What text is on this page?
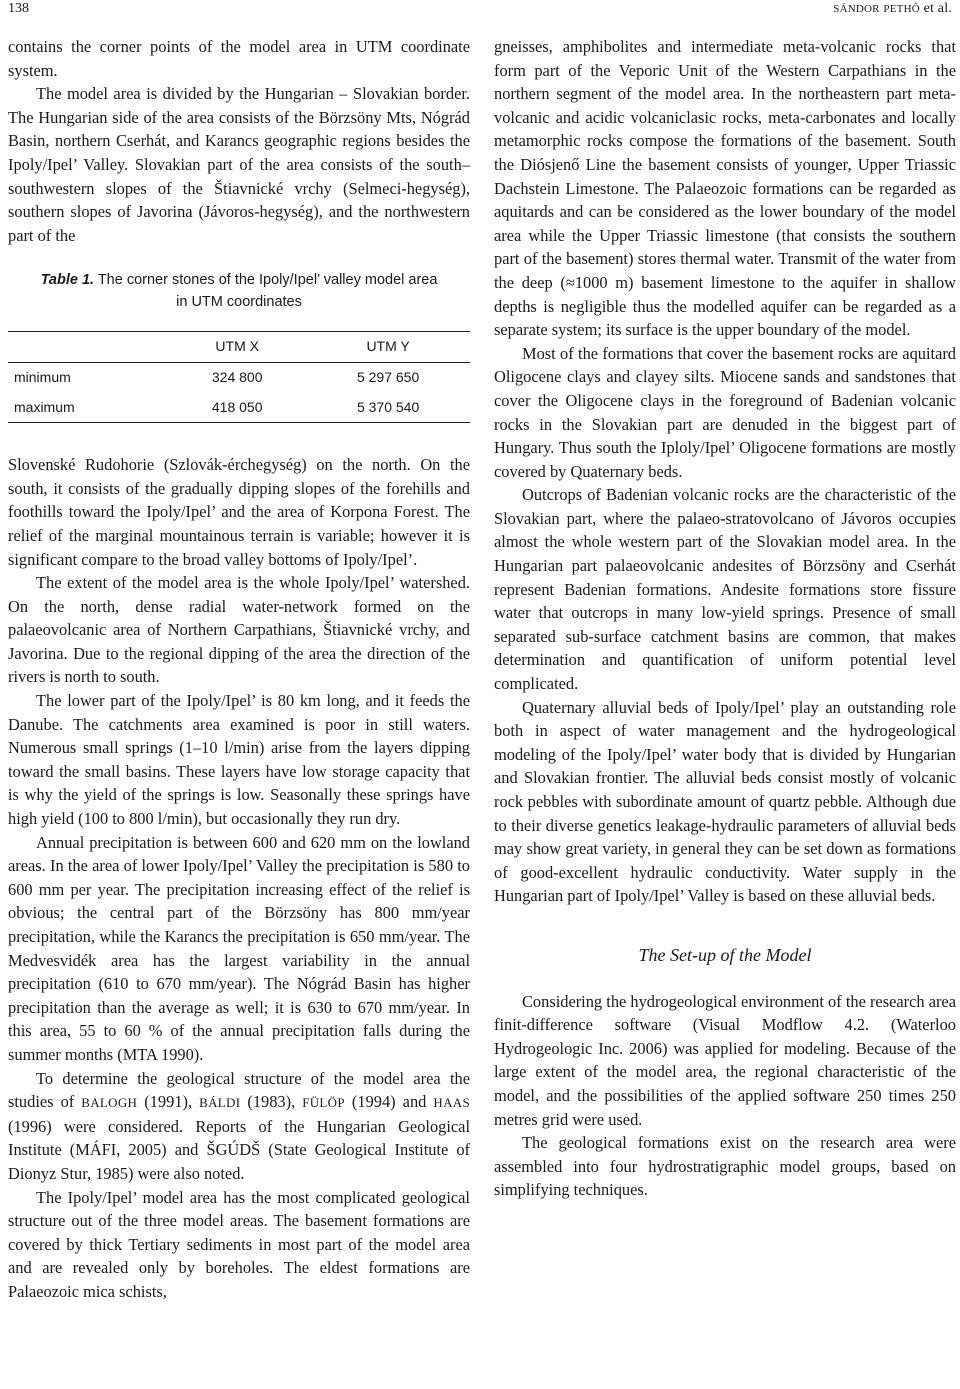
138	SÁNDOR PETHŐ et al.

contains the corner points of the model area in UTM coordinate system.

The model area is divided by the Hungarian – Slovakian border. The Hungarian side of the area consists of the Börzsöny Mts, Nógrád Basin, northern Cserhát, and Karancs geographic regions besides the Ipoly/Ipel’ Valley. Slovakian part of the area consists of the south–southwestern slopes of the Štiavnické vrchy (Selmeci-hegység), southern slopes of Javorina (Jávoros-hegység), and the northwestern part of the

Table 1. The corner stones of the Ipoly/Ipel’ valley model area in UTM coordinates
	UTM X	UTM Y
minimum	324 800	5 297 650
maximum	418 050	5 370 540

Slovenské Rudohorie (Szlovák-érchegység) on the north. On the south, it consists of the gradually dipping slopes of the forehills and foothills toward the Ipoly/Ipel’ and the area of Korpona Forest. The relief of the marginal mountainous terrain is variable; however it is significant compare to the broad valley bottoms of Ipoly/Ipel’.

The extent of the model area is the whole Ipoly/Ipel’ watershed. On the north, dense radial water-network formed on the palaeovolcanic area of Northern Carpathians, Štiavnické vrchy, and Javorina. Due to the regional dipping of the area the direction of the rivers is north to south.

The lower part of the Ipoly/Ipel’ is 80 km long, and it feeds the Danube. The catchments area examined is poor in still waters. Numerous small springs (1–10 l/min) arise from the layers dipping toward the small basins. These layers have low storage capacity that is why the yield of the springs is low. Seasonally these springs have high yield (100 to 800 l/min), but occasionally they run dry.

Annual precipitation is between 600 and 620 mm on the lowland areas. In the area of lower Ipoly/Ipel’ Valley the precipitation is 580 to 600 mm per year. The precipitation increasing effect of the relief is obvious; the central part of the Börzsöny has 800 mm/year precipitation, while the Karancs the precipitation is 650 mm/year. The Medvesvidék area has the largest variability in the annual precipitation (610 to 670 mm/year). The Nógrád Basin has higher precipitation than the average as well; it is 630 to 670 mm/year. In this area, 55 to 60 % of the annual precipitation falls during the summer months (MTA 1990).

To determine the geological structure of the model area the studies of BALOGH (1991), BÁLDI (1983), FÜLÖP (1994) and HAAS (1996) were considered. Reports of the Hungarian Geological Institute (MÁFI, 2005) and ŠGÚDŠ (State Geological Institute of Dionyz Stur, 1985) were also noted.

The Ipoly/Ipel’ model area has the most complicated geological structure out of the three model areas. The basement formations are covered by thick Tertiary sediments in most part of the model area and are revealed only by boreholes. The eldest formations are Palaeozoic mica schists,

gneisses, amphibolites and intermediate meta-volcanic rocks that form part of the Veporic Unit of the Western Carpathians in the northern segment of the model area. In the northeastern part meta-volcanic and acidic volcaniclasic rocks, meta-carbonates and locally metamorphic rocks compose the formations of the basement. South the Diósjenő Line the basement consists of younger, Upper Triassic Dachstein Limestone. The Palaeozoic formations can be regarded as aquitards and can be considered as the lower boundary of the model area while the Upper Triassic limestone (that consists the southern part of the basement) stores thermal water. Transmit of the water from the deep (≈1000 m) basement limestone to the aquifer in shallow depths is negligible thus the modelled aquifer can be regarded as a separate system; its surface is the upper boundary of the model.

Most of the formations that cover the basement rocks are aquitard Oligocene clays and clayey silts. Miocene sands and sandstones that cover the Oligocene clays in the foreground of Badenian volcanic rocks in the Slovakian part are denuded in the biggest part of Hungary. Thus south the Iploly/Ipel’ Oligocene formations are mostly covered by Quaternary beds.

Outcrops of Badenian volcanic rocks are the characteristic of the Slovakian part, where the palaeo-stratovolcano of Jávoros occupies almost the whole western part of the Slovakian model area. In the Hungarian part palaeovolcanic andesites of Börzsöny and Cserhát represent Badenian formations. Andesite formations store fissure water that outcrops in many low-yield springs. Presence of small separated sub-surface catchment basins are common, that makes determination and quantification of uniform potential level complicated.

Quaternary alluvial beds of Ipoly/Ipel’ play an outstanding role both in aspect of water management and the hydrogeological modeling of the Ipoly/Ipel’ water body that is divided by Hungarian and Slovakian frontier. The alluvial beds consist mostly of volcanic rock pebbles with subordinate amount of quartz pebble. Although due to their diverse genetics leakage-hydraulic parameters of alluvial beds may show great variety, in general they can be set down as formations of good-excellent hydraulic conductivity. Water supply in the Hungarian part of Ipoly/Ipel’ Valley is based on these alluvial beds.

The Set-up of the Model

Considering the hydrogeological environment of the research area finit-difference software (Visual Modflow 4.2. (Waterloo Hydrogeologic Inc. 2006) was applied for modeling. Because of the large extent of the model area, the regional characteristic of the model, and the possibilities of the applied software 250 times 250 metres grid were used.

The geological formations exist on the research area were assembled into four hydrostratigraphic model groups, based on simplifying techniques.
